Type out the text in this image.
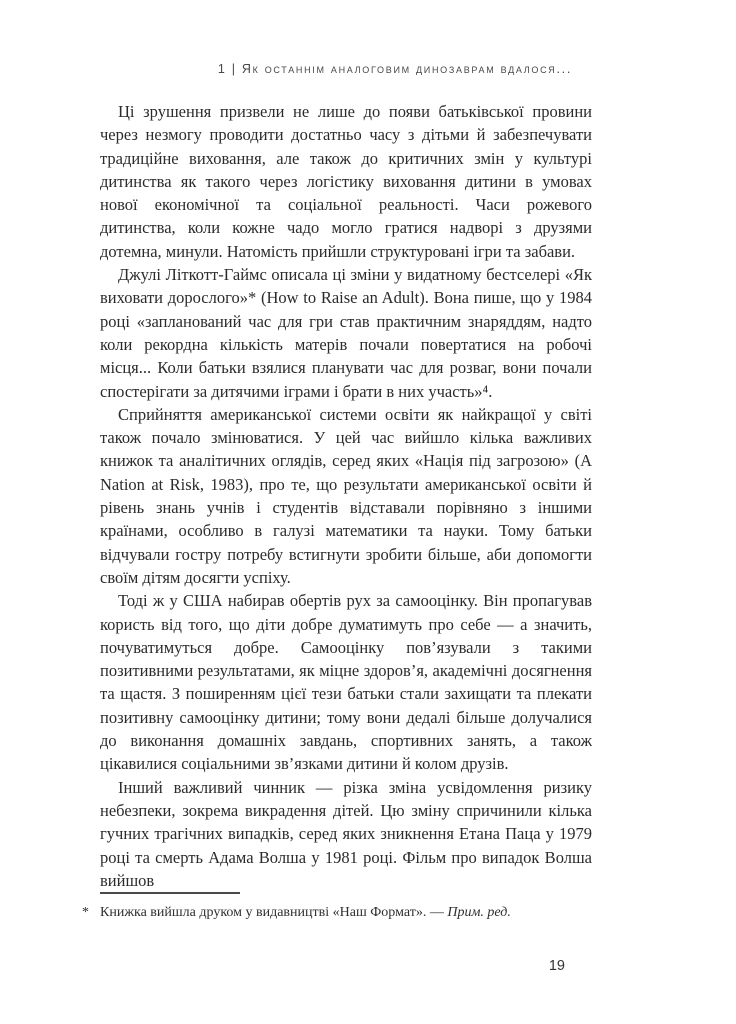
1 | Як останнім аналоговим динозаврам вдалося...

Ці зрушення призвели не лише до появи батьківської провини через незмогу проводити достатньо часу з дітьми й забезпечувати традиційне виховання, але також до критичних змін у культурі дитинства як такого через логістику виховання дитини в умовах нової економічної та соціальної реальності. Часи рожевого дитинства, коли кожне чадо могло гратися надворі з друзями дотемна, минули. Натомість прийшли структуровані ігри та забави.

Джулі Літкотт-Гаймс описала ці зміни у видатному бестселері «Як виховати дорослого»* (How to Raise an Adult). Вона пише, що у 1984 році «запланований час для гри став практичним знаряддям, надто коли рекордна кількість матерів почали повертатися на робочі місця... Коли батьки взялися планувати час для розваг, вони почали спостерігати за дитячими іграми і брати в них участь»⁴.

Сприйняття американської системи освіти як найкращої у світі також почало змінюватися. У цей час вийшло кілька важливих книжок та аналітичних оглядів, серед яких «Нація під загрозою» (A Nation at Risk, 1983), про те, що результати американської освіти й рівень знань учнів і студентів відставали порівняно з іншими країнами, особливо в галузі математики та науки. Тому батьки відчували гостру потребу встигнути зробити більше, аби допомогти своїм дітям досягти успіху.

Тоді ж у США набирав обертів рух за самооцінку. Він пропагував користь від того, що діти добре думатимуть про себе — а значить, почуватимуться добре. Самооцінку пов’язували з такими позитивними результатами, як міцне здоров’я, академічні досягнення та щастя. З поширенням цієї тези батьки стали захищати та плекати позитивну самооцінку дитини; тому вони дедалі більше долучалися до виконання домашніх завдань, спортивних занять, а також цікавилися соціальними зв’язками дитини й колом друзів.

Інший важливий чинник — різка зміна усвідомлення ризику небезпеки, зокрема викрадення дітей. Цю зміну спричинили кілька гучних трагічних випадків, серед яких зникнення Етана Паца у 1979 році та смерть Адама Волша у 1981 році. Фільм про випадок Волша вийшов

* Книжка вийшла друком у видавництві «Наш Формат». — Прим. ред.
19
